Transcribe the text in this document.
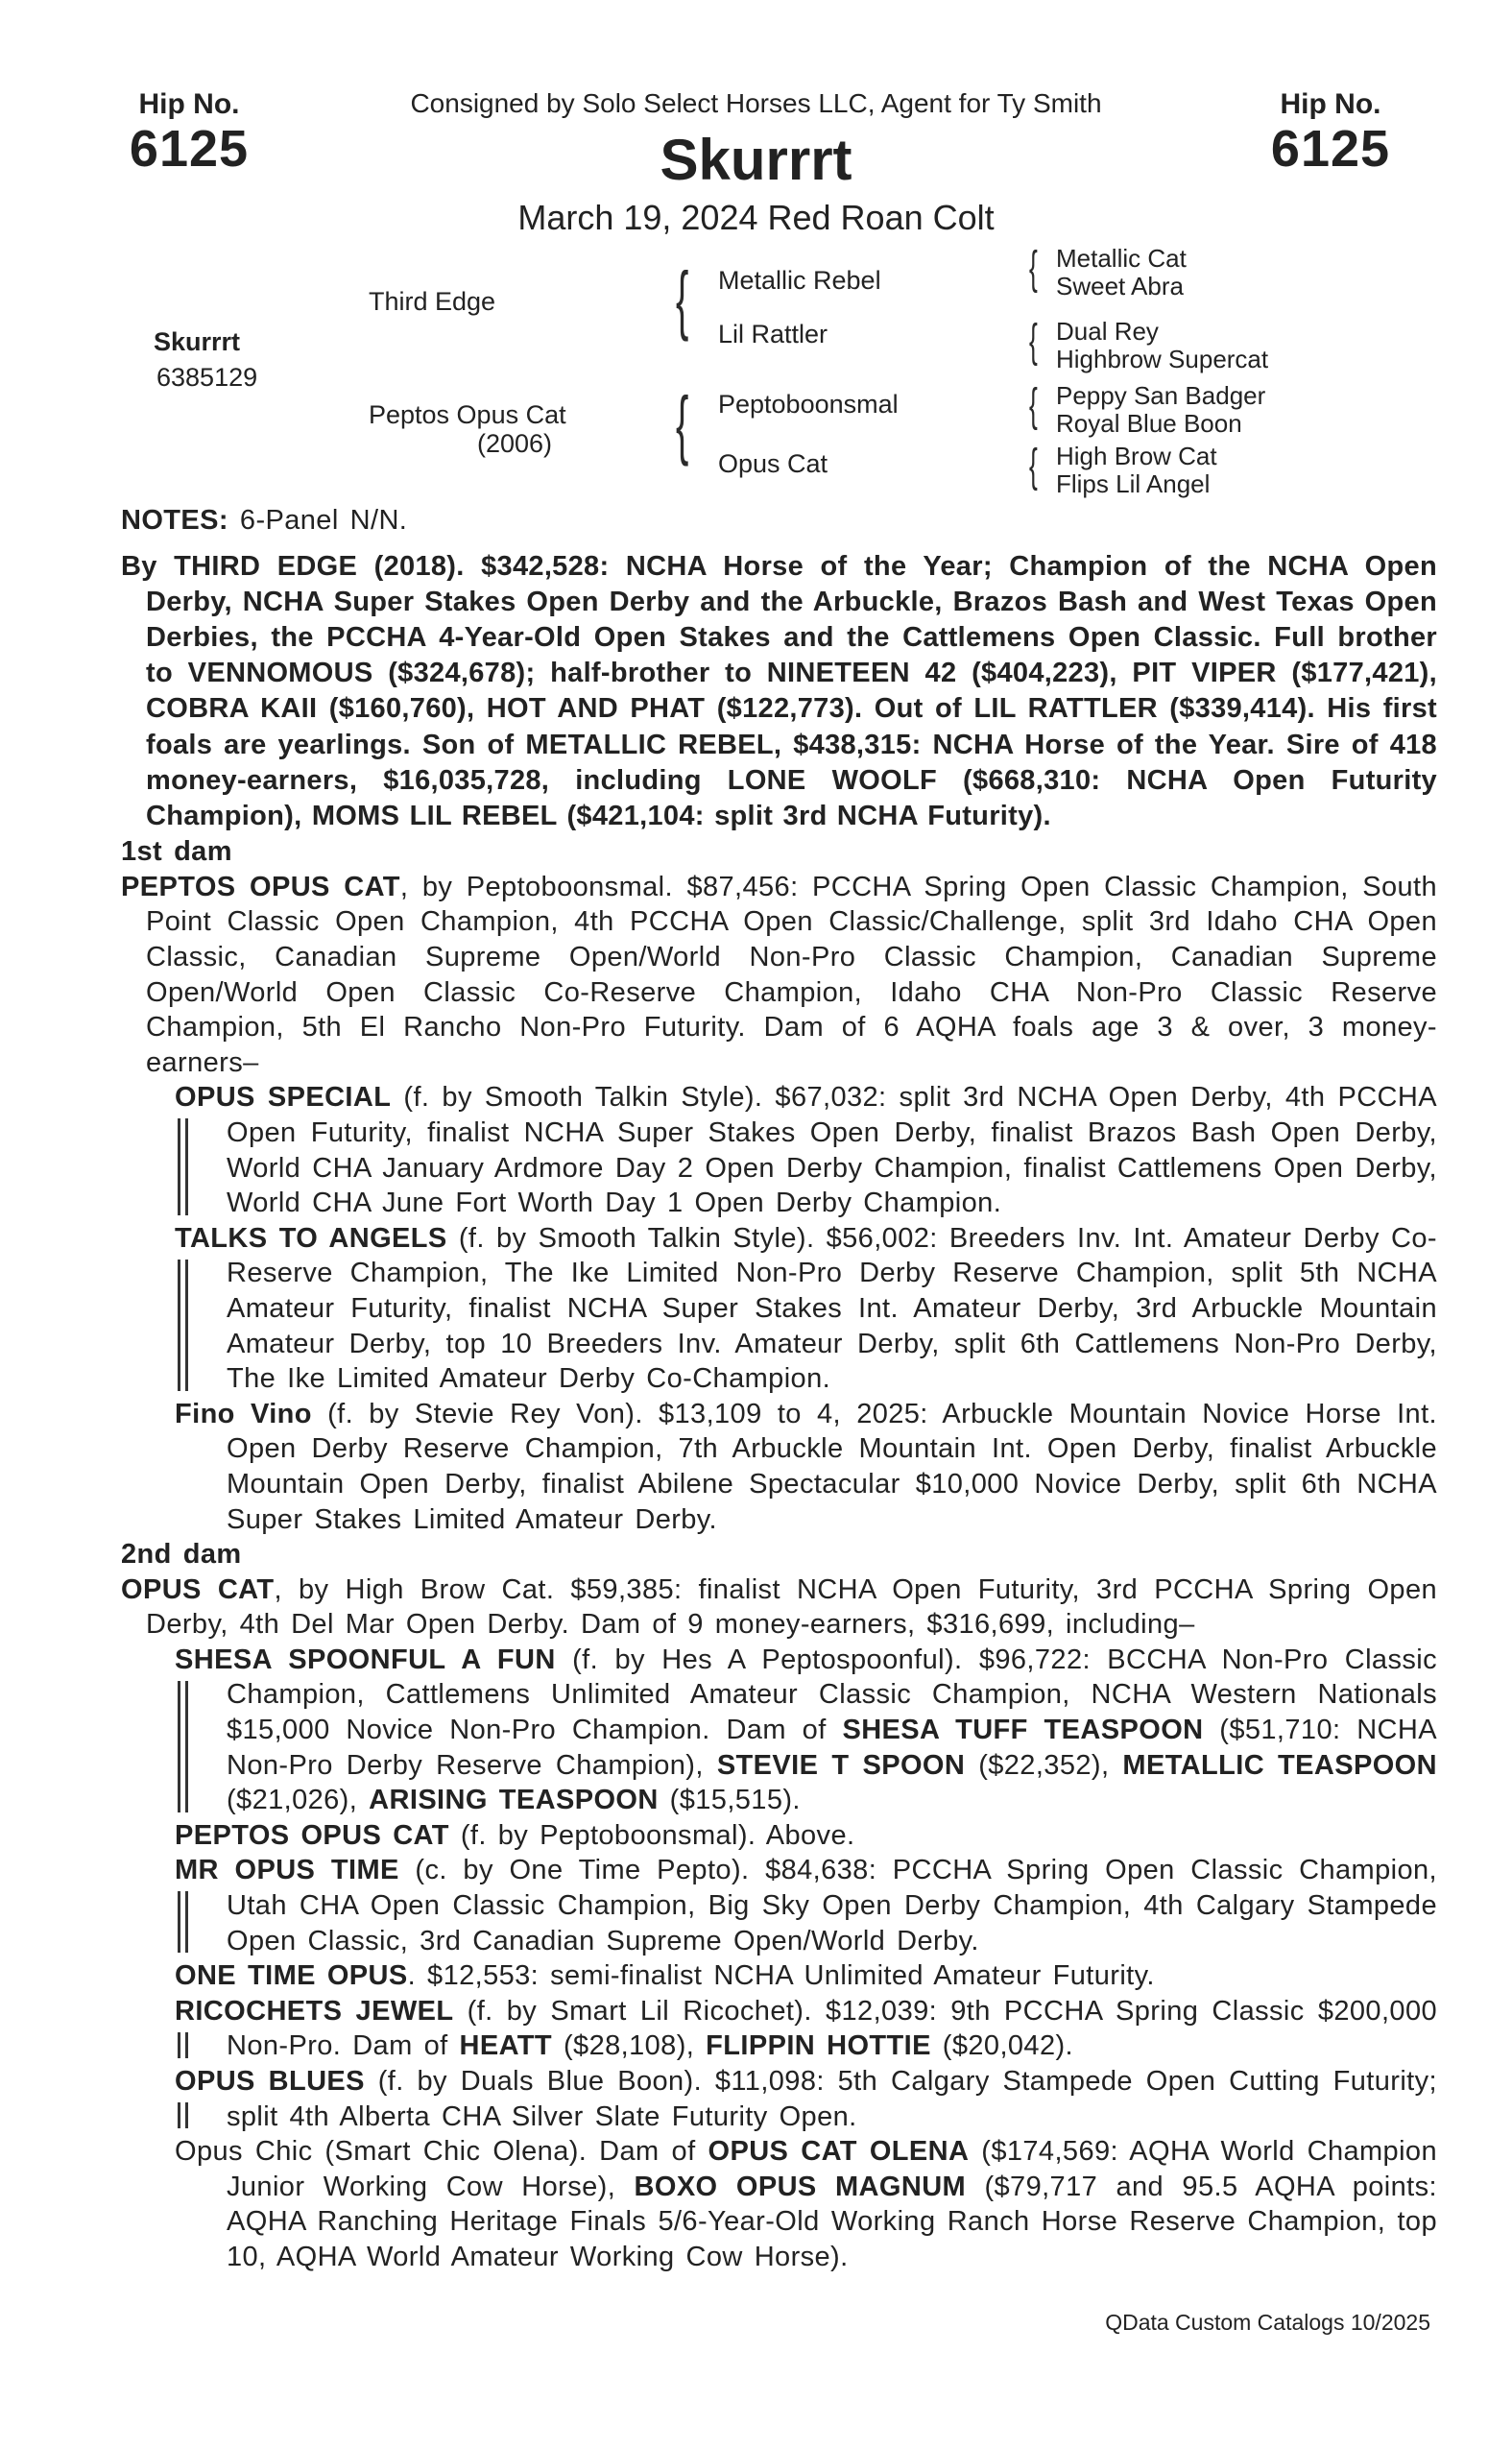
Hip No.
6125
Hip No.
6125
Consigned by Solo Select Horses LLC, Agent for Ty Smith
Skurrrt
March 19, 2024 Red Roan Colt
Skurrrt
6385129
Third Edge
Peptos Opus Cat
(2006)
{ Metallic Rebel
Lil Rattler
{ Peptoboonsmal
Opus Cat
{ Metallic Cat
Sweet Abra
{ Dual Rey
Highbrow Supercat
{ Peppy San Badger
Royal Blue Boon
{ High Brow Cat
Flips Lil Angel
NOTES: 6-Panel N/N.
By THIRD EDGE (2018). $342,528: NCHA Horse of the Year; Champion of the NCHA Open Derby, NCHA Super Stakes Open Derby and the Arbuckle, Brazos Bash and West Texas Open Derbies, the PCCHA 4-Year-Old Open Stakes and the Cattlemens Open Classic. Full brother to VENNOMOUS ($324,678); half-brother to NINETEEN 42 ($404,223), PIT VIPER ($177,421), COBRA KAII ($160,760), HOT AND PHAT ($122,773). Out of LIL RATTLER ($339,414). His first foals are yearlings. Son of METALLIC REBEL, $438,315: NCHA Horse of the Year. Sire of 418 money-earners, $16,035,728, including LONE WOOLF ($668,310: NCHA Open Futurity Champion), MOMS LIL REBEL ($421,104: split 3rd NCHA Futurity).
1st dam
PEPTOS OPUS CAT, by Peptoboonsmal. $87,456: PCCHA Spring Open Classic Champion, South Point Classic Open Champion, 4th PCCHA Open Classic/Challenge, split 3rd Idaho CHA Open Classic, Canadian Supreme Open/World Non-Pro Classic Champion, Canadian Supreme Open/World Open Classic Co-Reserve Champion, Idaho CHA Non-Pro Classic Reserve Champion, 5th El Rancho Non-Pro Futurity. Dam of 6 AQHA foals age 3 & over, 3 money-earners–
OPUS SPECIAL (f. by Smooth Talkin Style). $67,032: split 3rd NCHA Open Derby, 4th PCCHA Open Futurity, finalist NCHA Super Stakes Open Derby, finalist Brazos Bash Open Derby, World CHA January Ardmore Day 2 Open Derby Champion, finalist Cattlemens Open Derby, World CHA June Fort Worth Day 1 Open Derby Champion.
TALKS TO ANGELS (f. by Smooth Talkin Style). $56,002: Breeders Inv. Int. Amateur Derby Co-Reserve Champion, The Ike Limited Non-Pro Derby Reserve Champion, split 5th NCHA Amateur Futurity, finalist NCHA Super Stakes Int. Amateur Derby, 3rd Arbuckle Mountain Amateur Derby, top 10 Breeders Inv. Amateur Derby, split 6th Cattlemens Non-Pro Derby, The Ike Limited Amateur Derby Co-Champion.
Fino Vino (f. by Stevie Rey Von). $13,109 to 4, 2025: Arbuckle Mountain Novice Horse Int. Open Derby Reserve Champion, 7th Arbuckle Mountain Int. Open Derby, finalist Arbuckle Mountain Open Derby, finalist Abilene Spectacular $10,000 Novice Derby, split 6th NCHA Super Stakes Limited Amateur Derby.
2nd dam
OPUS CAT, by High Brow Cat. $59,385: finalist NCHA Open Futurity, 3rd PCCHA Spring Open Derby, 4th Del Mar Open Derby. Dam of 9 money-earners, $316,699, including–
SHESA SPOONFUL A FUN (f. by Hes A Peptospoonful). $96,722: BCCHA Non-Pro Classic Champion, Cattlemens Unlimited Amateur Classic Champion, NCHA Western Nationals $15,000 Novice Non-Pro Champion. Dam of SHESA TUFF TEASPOON ($51,710: NCHA Non-Pro Derby Reserve Champion), STEVIE T SPOON ($22,352), METALLIC TEASPOON ($21,026), ARISING TEASPOON ($15,515).
PEPTOS OPUS CAT (f. by Peptoboonsmal). Above.
MR OPUS TIME (c. by One Time Pepto). $84,638: PCCHA Spring Open Classic Champion, Utah CHA Open Classic Champion, Big Sky Open Derby Champion, 4th Calgary Stampede Open Classic, 3rd Canadian Supreme Open/World Derby.
ONE TIME OPUS. $12,553: semi-finalist NCHA Unlimited Amateur Futurity.
RICOCHETS JEWEL (f. by Smart Lil Ricochet). $12,039: 9th PCCHA Spring Classic $200,000 Non-Pro. Dam of HEATT ($28,108), FLIPPIN HOTTIE ($20,042).
OPUS BLUES (f. by Duals Blue Boon). $11,098: 5th Calgary Stampede Open Cutting Futurity; split 4th Alberta CHA Silver Slate Futurity Open.
Opus Chic (Smart Chic Olena). Dam of OPUS CAT OLENA ($174,569: AQHA World Champion Junior Working Cow Horse), BOXO OPUS MAGNUM ($79,717 and 95.5 AQHA points: AQHA Ranching Heritage Finals 5/6-Year-Old Working Ranch Horse Reserve Champion, top 10, AQHA World Amateur Working Cow Horse).
QData Custom Catalogs 10/2025
